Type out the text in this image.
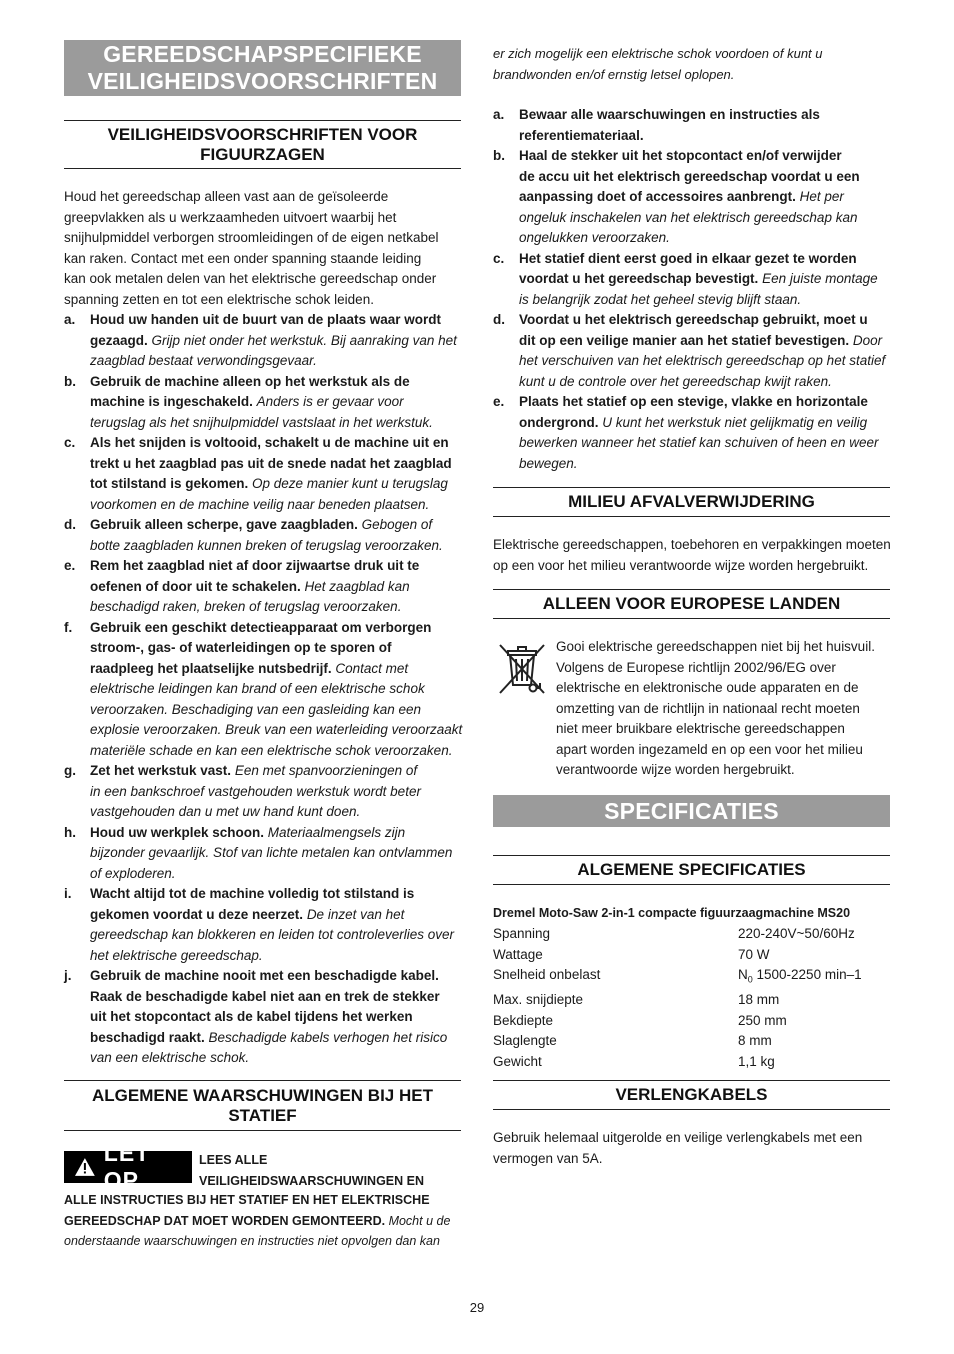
GEREEDSCHAPSPECIFIEKE
VEILIGHEIDSVOORSCHRIFTEN
VEILIGHEIDSVOORSCHRIFTEN VOOR
FIGUURZAGEN
Houd het gereedschap alleen vast aan de geïsoleerde
greepvlakken als u werkzaamheden uitvoert waarbij het
snijhulpmiddel verborgen stroomleidingen of de eigen netkabel
kan raken. Contact met een onder spanning staande leiding
kan ook metalen delen van het elektrische gereedschap onder
spanning zetten en tot een elektrische schok leiden.
a. Houd uw handen uit de buurt van de plaats waar wordt
gezaagd. Grijp niet onder het werkstuk. Bij aanraking van het
zaagblad bestaat verwondingsgevaar.
b. Gebruik de machine alleen op het werkstuk als de
machine is ingeschakeld. Anders is er gevaar voor
terugslag als het snijhulpmiddel vastslaat in het werkstuk.
c. Als het snijden is voltooid, schakelt u de machine uit en
trekt u het zaagblad pas uit de snede nadat het zaagblad
tot stilstand is gekomen. Op deze manier kunt u terugslag
voorkomen en de machine veilig naar beneden plaatsen.
d. Gebruik alleen scherpe, gave zaagbladen. Gebogen of
botte zaagbladen kunnen breken of terugslag veroorzaken.
e. Rem het zaagblad niet af door zijwaartse druk uit te
oefenen of door uit te schakelen. Het zaagblad kan
beschadigd raken, breken of terugslag veroorzaken.
f. Gebruik een geschikt detectieapparaat om verborgen
stroom-, gas- of waterleidingen op te sporen of
raadpleeg het plaatselijke nutsbedrijf. Contact met
elektrische leidingen kan brand of een elektrische schok
veroorzaken. Beschadiging van een gasleiding kan een
explosie veroorzaken. Breuk van een waterleiding veroorzaakt
materiële schade en kan een elektrische schok veroorzaken.
g. Zet het werkstuk vast. Een met spanvoorzieningen of
in een bankschroef vastgehouden werkstuk wordt beter
vastgehouden dan u met uw hand kunt doen.
h. Houd uw werkplek schoon. Materiaalmengsels zijn
bijzonder gevaarlijk. Stof van lichte metalen kan ontvlammen
of exploderen.
i. Wacht altijd tot de machine volledig tot stilstand is
gekomen voordat u deze neerzet. De inzet van het
gereedschap kan blokkeren en leiden tot controleverlies over
het elektrische gereedschap.
j. Gebruik de machine nooit met een beschadigde kabel.
Raak de beschadigde kabel niet aan en trek de stekker
uit het stopcontact als de kabel tijdens het werken
beschadigd raakt. Beschadigde kabels verhogen het risico
van een elektrische schok.
ALGEMENE WAARSCHUWINGEN BIJ HET
STATIEF
LET OP
LEES ALLE
VEILIGHEIDSWAARSCHUWINGEN EN
ALLE INSTRUCTIES BIJ HET STATIEF EN HET ELEKTRISCHE
GEREEDSCHAP DAT MOET WORDEN GEMONTEERD. Mocht u de
onderstaande waarschuwingen en instructies niet opvolgen dan kan
er zich mogelijk een elektrische schok voordoen of kunt u
brandwonden en/of ernstig letsel oplopen.
a. Bewaar alle waarschuwingen en instructies als
referentiemateriaal.
b. Haal de stekker uit het stopcontact en/of verwijder
de accu uit het elektrisch gereedschap voordat u een
aanpassing doet of accessoires aanbrengt. Het per
ongeluk inschakelen van het elektrisch gereedschap kan
ongelukken veroorzaken.
c. Het statief dient eerst goed in elkaar gezet te worden
voordat u het gereedschap bevestigt. Een juiste montage
is belangrijk zodat het geheel stevig blijft staan.
d. Voordat u het elektrisch gereedschap gebruikt, moet u
dit op een veilige manier aan het statief bevestigen. Door
het verschuiven van het elektrisch gereedschap op het statief
kunt u de controle over het gereedschap kwijt raken.
e. Plaats het statief op een stevige, vlakke en horizontale
ondergrond. U kunt het werkstuk niet gelijkmatig en veilig
bewerken wanneer het statief kan schuiven of heen en weer
bewegen.
MILIEU AFVALVERWIJDERING
Elektrische gereedschappen, toebehoren en verpakkingen moeten
op een voor het milieu verantwoorde wijze worden hergebruikt.
ALLEEN VOOR EUROPESE LANDEN
Gooi elektrische gereedschappen niet bij het huisvuil.
Volgens de Europese richtlijn 2002/96/EG over
elektrische en elektronische oude apparaten en de
omzetting van de richtlijn in nationaal recht moeten
niet meer bruikbare elektrische gereedschappen
apart worden ingezameld en op een voor het milieu
verantwoorde wijze worden hergebruikt.
SPECIFICATIES
ALGEMENE SPECIFICATIES
Dremel Moto-Saw 2-in-1 compacte figuurzaagmachine MS20
Spanning	220-240V~50/60Hz
Wattage	70 W
Snelheid onbelast	$N_0$ 1500-2250 min–1
Max. snijdiepte	18 mm
Bekdiepte	250 mm
Slaglengte	8 mm
Gewicht	1,1 kg
VERLENGKABELS
Gebruik helemaal uitgerolde en veilige verlengkabels met een
vermogen van 5A.
29
